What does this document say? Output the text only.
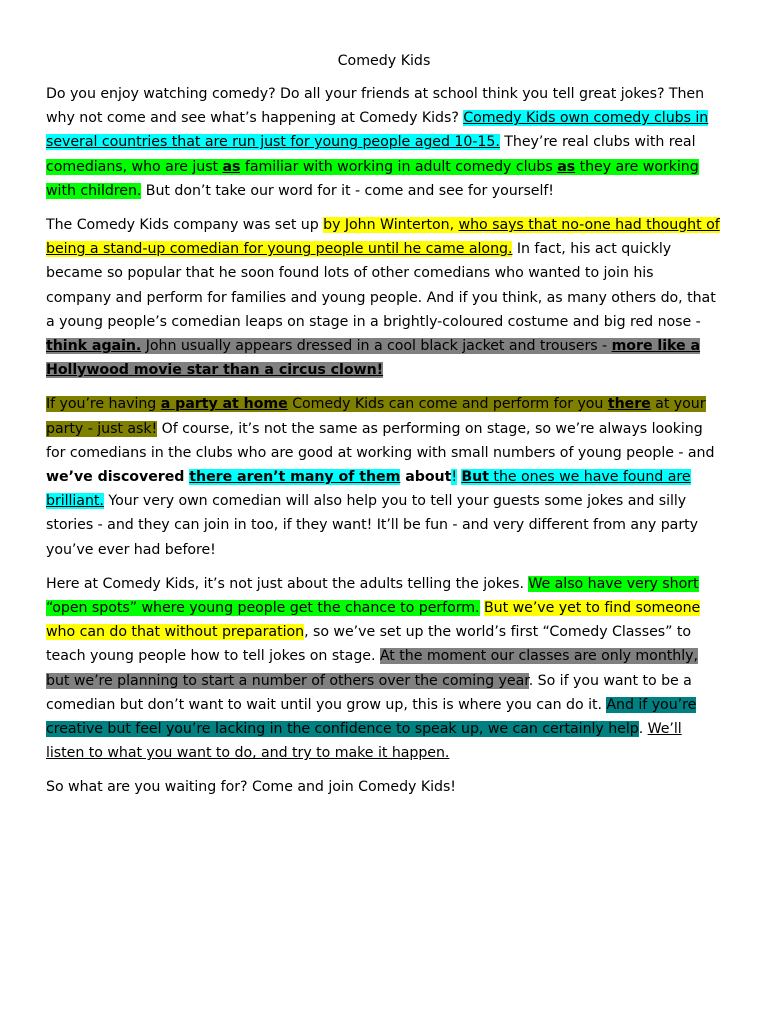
Comedy Kids

Do you enjoy watching comedy? Do all your friends at school think you tell great jokes? Then why not come and see what’s happening at Comedy Kids? Comedy Kids own comedy clubs in several countries that are run just for young people aged 10-15. They’re real clubs with real comedians, who are just as familiar with working in adult comedy clubs as they are working with children. But don’t take our word for it - come and see for yourself!

The Comedy Kids company was set up by John Winterton, who says that no-one had thought of being a stand-up comedian for young people until he came along. In fact, his act quickly became so popular that he soon found lots of other comedians who wanted to join his company and perform for families and young people. And if you think, as many others do, that a young people’s comedian leaps on stage in a brightly-coloured costume and big red nose - think again. John usually appears dressed in a cool black jacket and trousers - more like a Hollywood movie star than a circus clown!

If you’re having a party at home Comedy Kids can come and perform for you there at your party - just ask! Of course, it’s not the same as performing on stage, so we’re always looking for comedians in the clubs who are good at working with small numbers of young people - and we’ve discovered there aren’t many of them about! But the ones we have found are brilliant. Your very own comedian will also help you to tell your guests some jokes and silly stories - and they can join in too, if they want! It’ll be fun - and very different from any party you’ve ever had before!

Here at Comedy Kids, it’s not just about the adults telling the jokes. We also have very short “open spots” where young people get the chance to perform. But we’ve yet to find someone who can do that without preparation, so we’ve set up the world’s first “Comedy Classes” to teach young people how to tell jokes on stage. At the moment our classes are only monthly, but we’re planning to start a number of others over the coming year. So if you want to be a comedian but don’t want to wait until you grow up, this is where you can do it. And if you’re creative but feel you’re lacking in the confidence to speak up, we can certainly help. We’ll listen to what you want to do, and try to make it happen.

So what are you waiting for? Come and join Comedy Kids!
